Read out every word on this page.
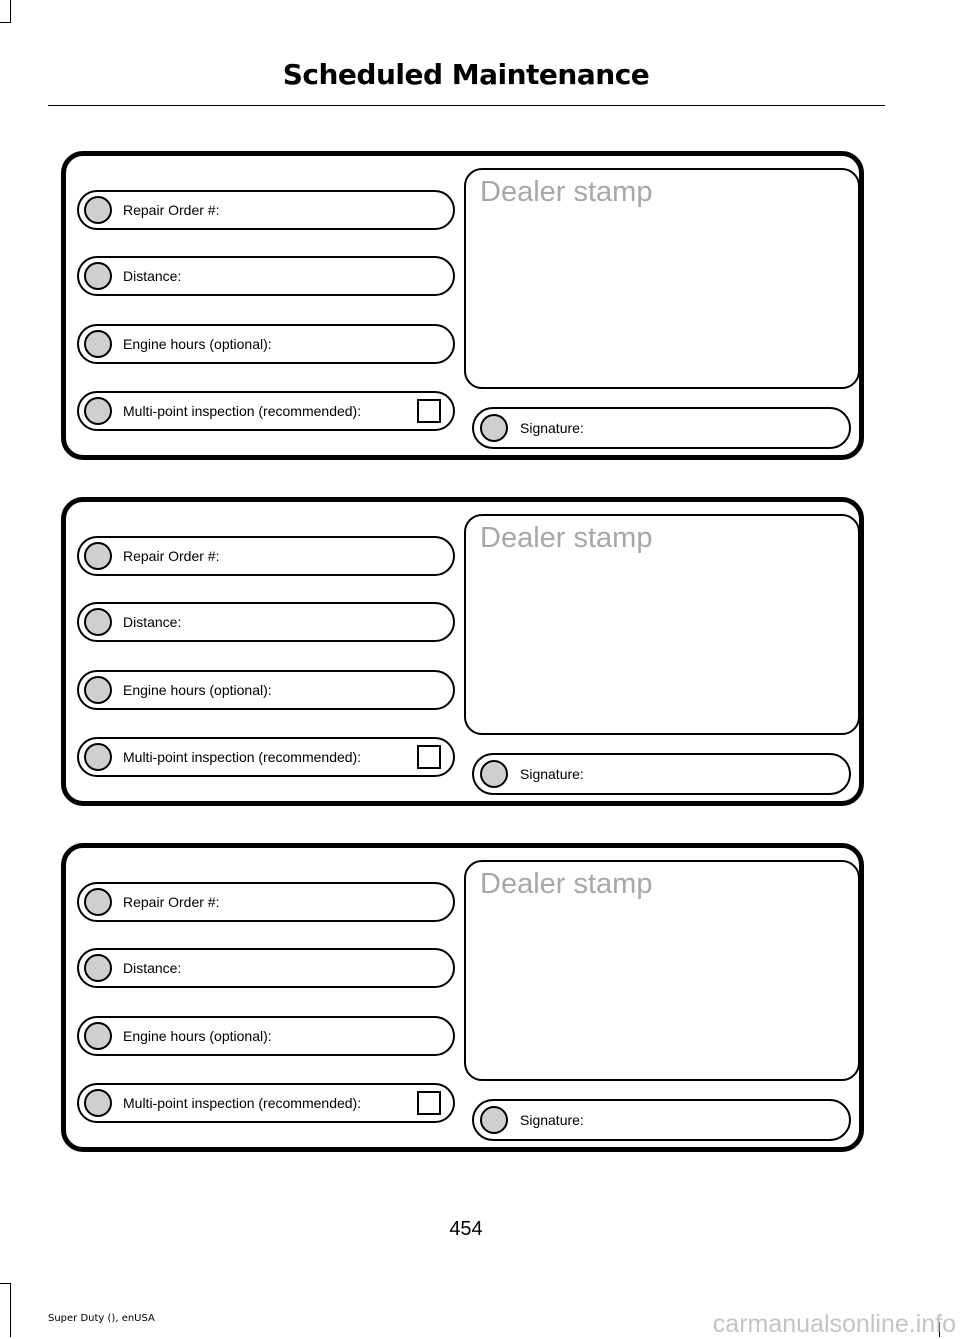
Scheduled Maintenance
Repair Order #:
Distance:
Engine hours (optional):
Multi-point inspection (recommended):
Dealer stamp
Signature:
Repair Order #:
Distance:
Engine hours (optional):
Multi-point inspection (recommended):
Dealer stamp
Signature:
Repair Order #:
Distance:
Engine hours (optional):
Multi-point inspection (recommended):
Dealer stamp
Signature:
454
Super Duty (), enUSA	carmanualsonline.info
